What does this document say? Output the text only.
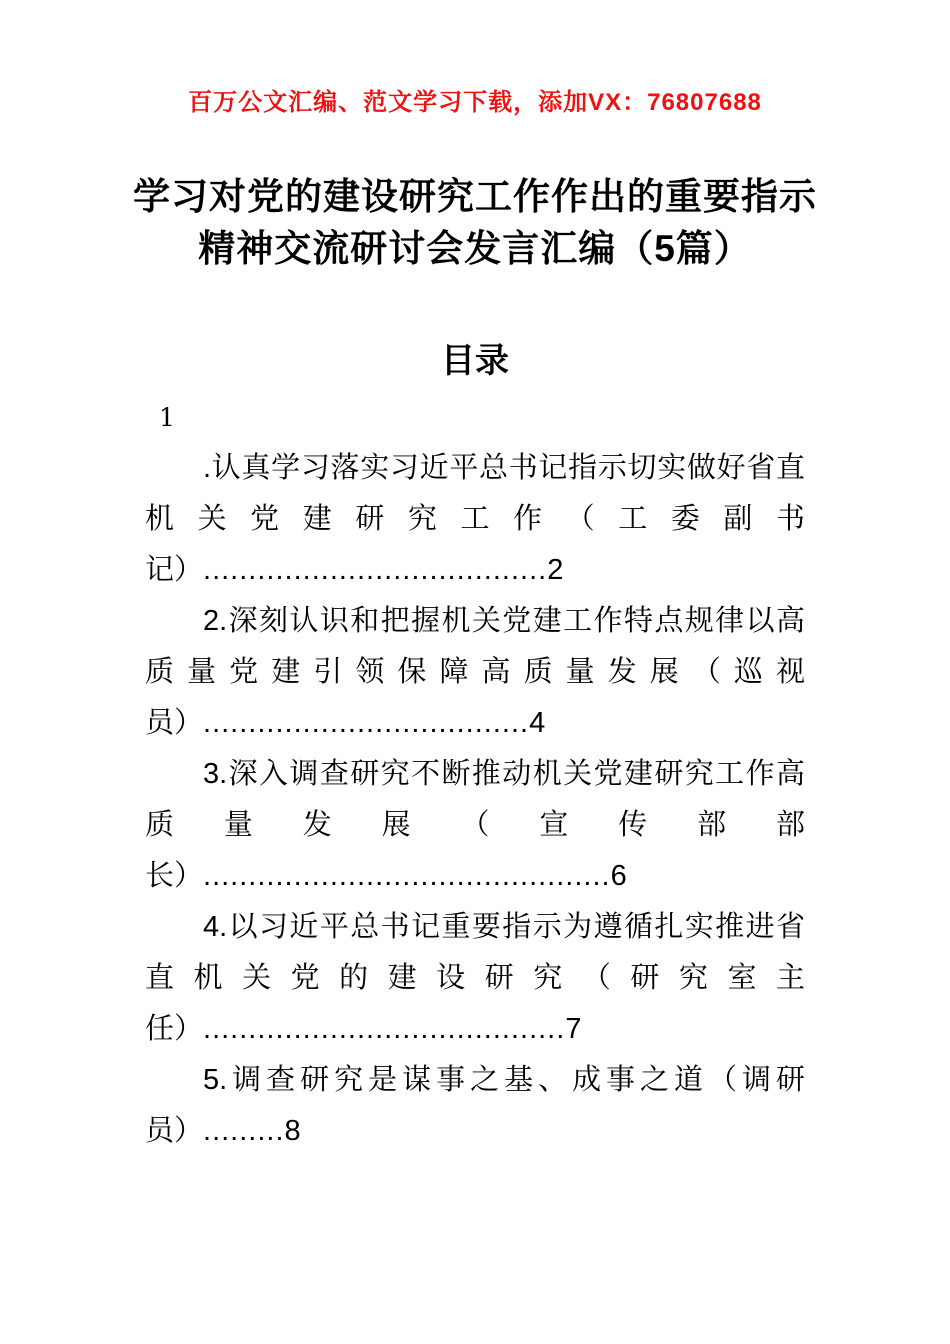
百万公文汇编、范文学习下载，添加VX：76807688
学习对党的建设研究工作作出的重要指示
精神交流研讨会发言汇编（5篇）
目录
1

.认真学习落实习近平总书记指示切实做好省直机关党建研究工作（工委副书记）......................................2

2.深刻认识和把握机关党建工作特点规律以高质量党建引领保障高质量发展（巡视员）....................................4

3.深入调查研究不断推动机关党建研究工作高质量发展（宣传部部长）.............................................6

4.以习近平总书记重要指示为遵循扎实推进省直机关党的建设研究（研究室主任）........................................7

5.调查研究是谋事之基、成事之道（调研员）.........8
